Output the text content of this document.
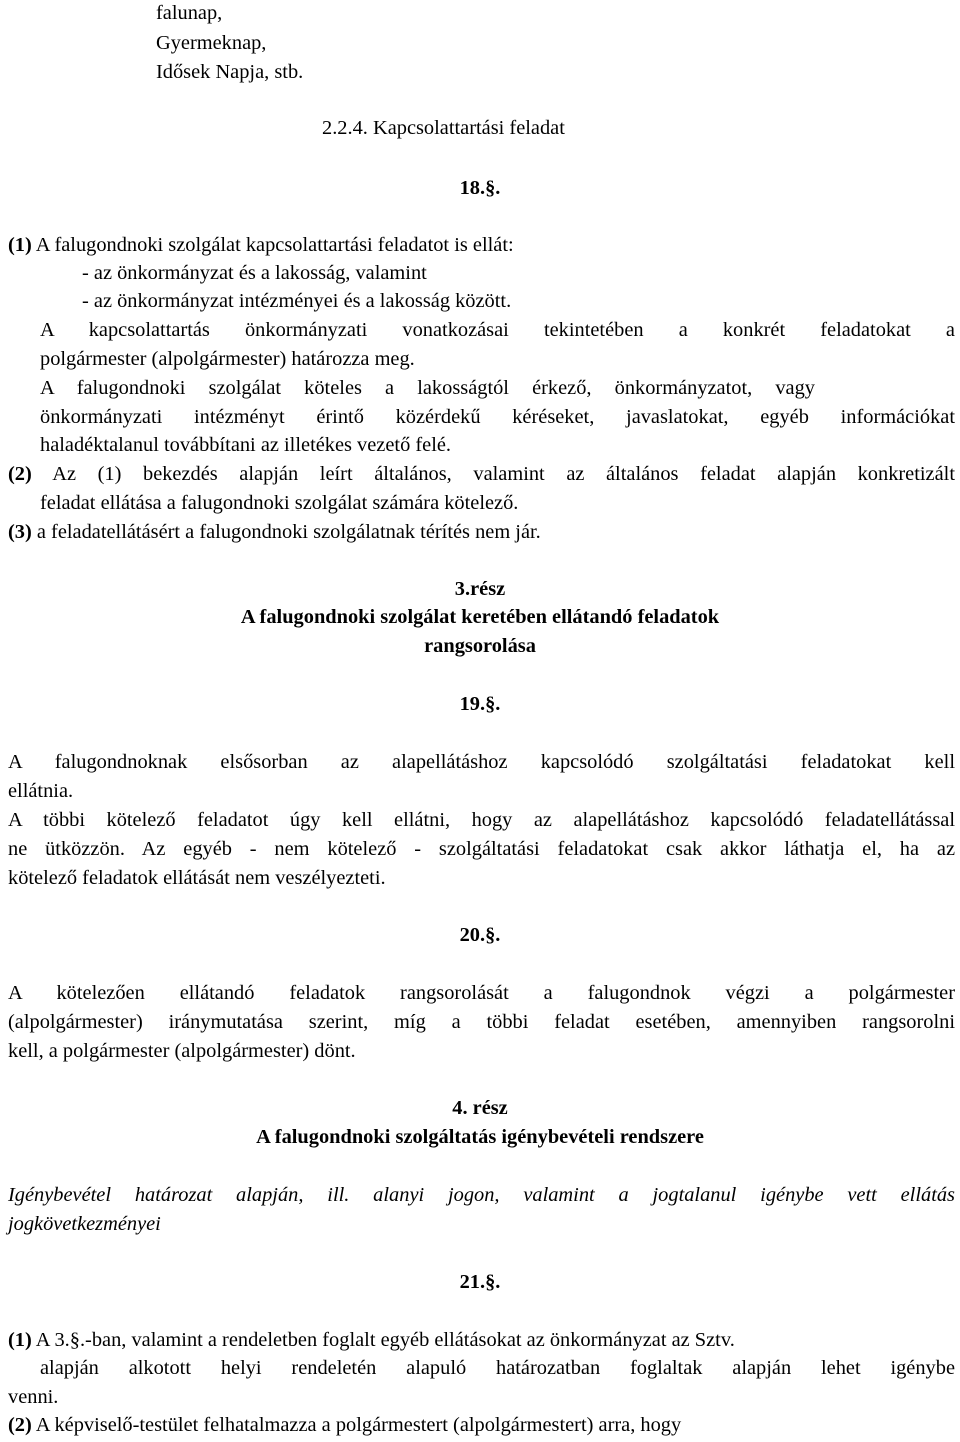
falunap,
Gyermeknap,
Idősek Napja, stb.
2.2.4. Kapcsolattartási feladat
18.§.
(1) A falugondnoki szolgálat kapcsolattartási feladatot is ellát:
- az önkormányzat és a lakosság, valamint
- az önkormányzat intézményei és a lakosság között.
A kapcsolattartás önkormányzati vonatkozásai tekintetében a konkrét feladatokat a
polgármester (alpolgármester) határozza meg.
A falugondnoki szolgálat köteles a lakosságtól érkező, önkormányzatot, vagy
önkormányzati intézményt érintő közérdekű kéréseket, javaslatokat, egyéb információkat
haladéktalanul továbbítani az illetékes vezető felé.
(2) Az (1) bekezdés alapján leírt általános, valamint az általános feladat alapján konkretizált
feladat ellátása a falugondnoki szolgálat számára kötelező.
(3) a feladatellátásért a falugondnoki szolgálatnak térítés nem jár.
3.rész
A falugondnoki szolgálat keretében ellátandó feladatok
rangsorolása
19.§.
A falugondnoknak elsősorban az alapellátáshoz kapcsolódó szolgáltatási feladatokat kell
ellátnia.
A többi kötelező feladatot úgy kell ellátni, hogy az alapellátáshoz kapcsolódó feladatellátással
ne ütközzön. Az egyéb - nem kötelező - szolgáltatási feladatokat csak akkor láthatja el, ha az
kötelező feladatok ellátását nem veszélyezteti.
20.§.
A kötelezően ellátandó feladatok rangsorolását a falugondnok végzi a polgármester
(alpolgármester) iránymutatása szerint, míg a többi feladat esetében, amennyiben rangsorolni
kell, a polgármester (alpolgármester) dönt.
4. rész
A falugondnoki szolgáltatás igénybevételi rendszere
Igénybevétel határozat alapján, ill. alanyi jogon, valamint a jogtalanul igénybe vett ellátás
jogkövetkezményei
21.§.
(1) A 3.§.-ban, valamint a rendeletben foglalt egyéb ellátásokat az önkormányzat az Sztv.
alapján alkotott helyi rendeletén alapuló határozatban foglaltak alapján lehet igénybe
venni.
(2) A képviselő-testület felhatalmazza a polgármestert (alpolgármestert) arra, hogy
